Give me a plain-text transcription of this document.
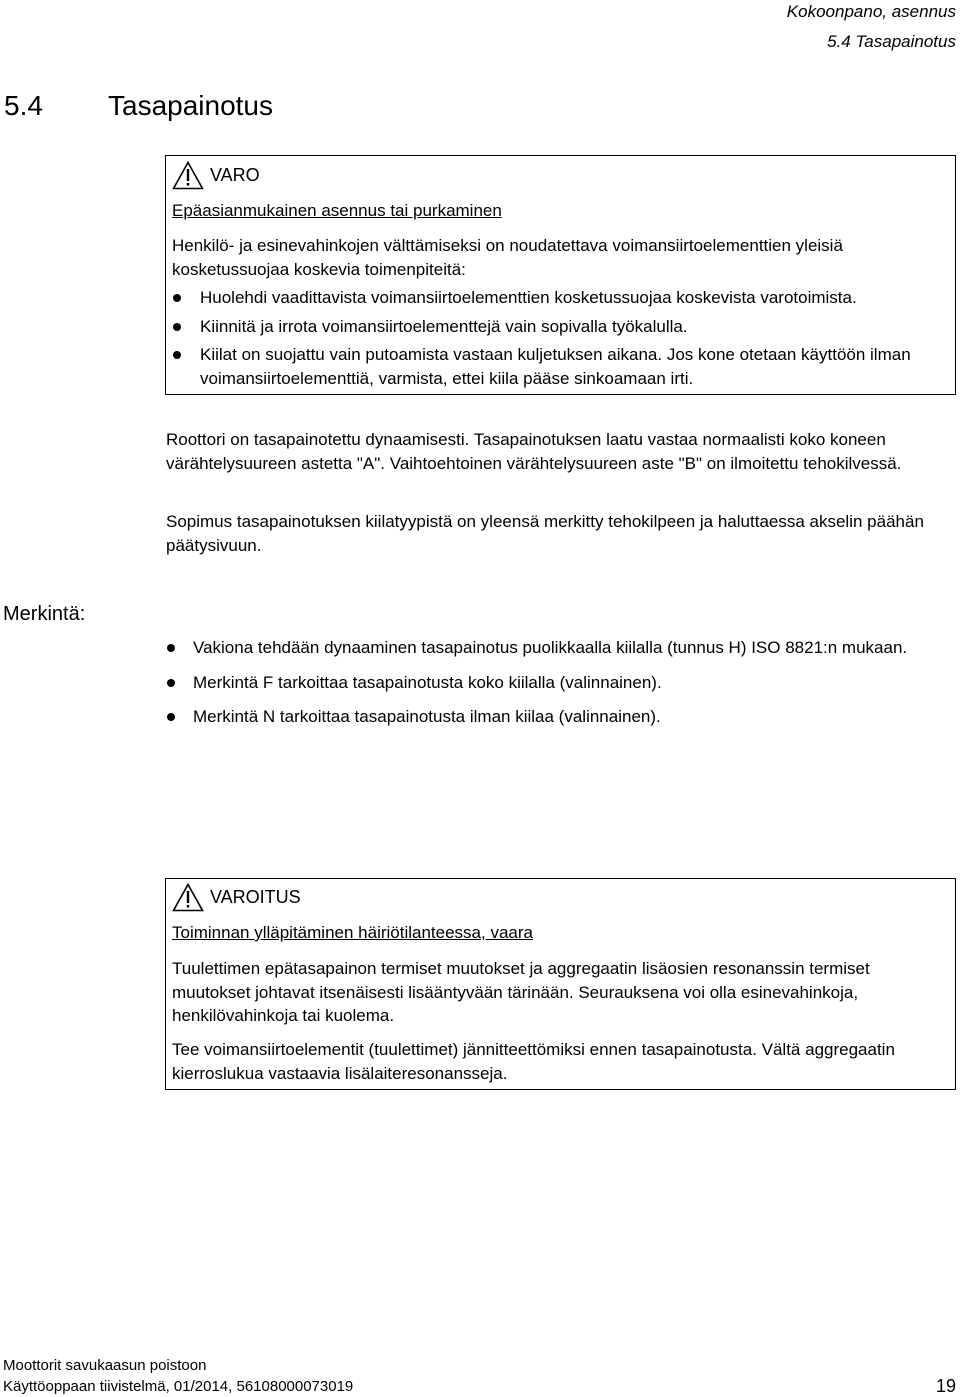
Kokoonpano, asennus
5.4 Tasapainotus
5.4 Tasapainotus
VARO
Epäasianmukainen asennus tai purkaminen
Henkilö- ja esinevahinkojen välttämiseksi on noudatettava voimansiirtoelementtien yleisiä kosketussuojaa koskevia toimenpiteitä:
Huolehdi vaadittavista voimansiirtoelementtien kosketussuojaa koskevista varotoimista.
Kiinnitä ja irrota voimansiirtoelementtejä vain sopivalla työkalulla.
Kiilat on suojattu vain putoamista vastaan kuljetuksen aikana. Jos kone otetaan käyttöön ilman voimansiirtoelementtiä, varmista, ettei kiila pääse sinkoamaan irti.
Roottori on tasapainotettu dynaamisesti. Tasapainotuksen laatu vastaa normaalisti koko koneen värähtelysuureen astetta "A". Vaihtoehtoinen värähtelysuureen aste "B" on ilmoitettu tehokilvessä.
Sopimus tasapainotuksen kiilatyypistä on yleensä merkitty tehokilpeen ja haluttaessa akselin päähän päätysivuun.
Merkintä:
Vakiona tehdään dynaaminen tasapainotus puolikkaalla kiilalla (tunnus H) ISO 8821:n mukaan.
Merkintä F tarkoittaa tasapainotusta koko kiilalla (valinnainen).
Merkintä N tarkoittaa tasapainotusta ilman kiilaa (valinnainen).
VAROITUS
Toiminnan ylläpitäminen häiriötilanteessa, vaara
Tuulettimen epätasapainon termiset muutokset ja aggregaatin lisäosien resonanssin termiset muutokset johtavat itsenäisesti lisääntyvään tärinään. Seurauksena voi olla esinevahinkoja, henkilövahinkoja tai kuolema.
Tee voimansiirtoelementit (tuulettimet) jännitteettömiksi ennen tasapainotusta. Vältä aggregaatin kierroslukua vastaavia lisälaiteresonansseja.
Moottorit savukaasun poistoon
Käyttöoppaan tiivistelmä, 01/2014, 56108000073019	19
